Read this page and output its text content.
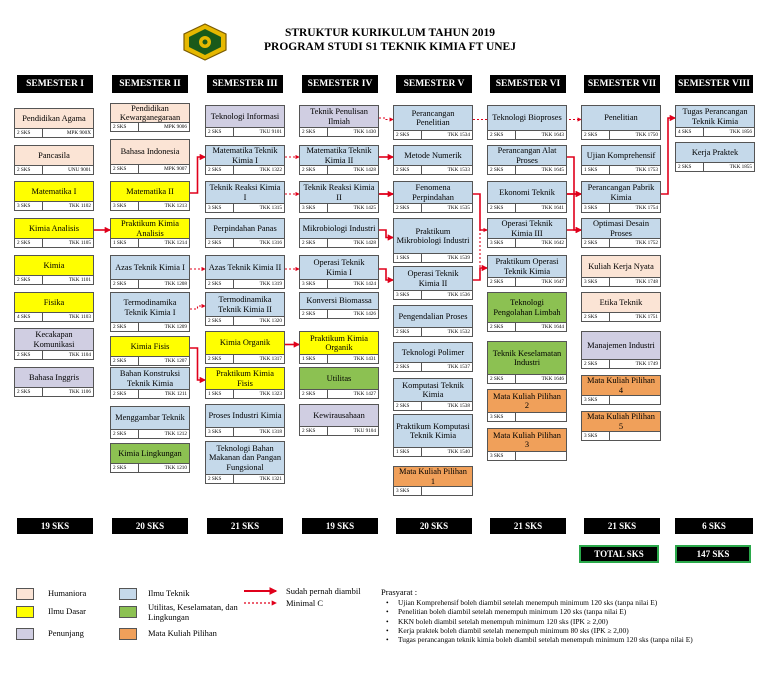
STRUKTUR KURIKULUM TAHUN 2019
PROGRAM STUDI S1 TEKNIK KIMIA FT UNEJ
SEMESTER I	SEMESTER II	SEMESTER III	SEMESTER IV	SEMESTER V	SEMESTER VI	SEMESTER VII	SEMESTER VIII
Pendidikan Agama
2 SKS	MPK 900X
Pancasila
2 SKS	UNU 9001
Matematika I
3 SKS	TKK 1102
Kimia Analisis
2 SKS	TKK 1105
Kimia
2 SKS	TKK 1101
Fisika
4 SKS	TKK 1103
Kecakapan Komunikasi
2 SKS	TKK 1104
Bahasa Inggris
2 SKS	TKK 1106
Pendidikan Kewarganegaraan
2 SKS	MPK 9006
Bahasa Indonesia
2 SKS	MPK 9007
Matematika II
3 SKS	TKK 1213
Praktikum Kimia Analisis
1 SKS	TKK 1214
Azas Teknik Kimia I
2 SKS	TKK 1208
Termodinamika Teknik Kimia I
2 SKS	TKK 1209
Kimia Fisis
2 SKS	TKK 1207
Bahan Konstruksi Teknik Kimia
2 SKS	TKK 1211
Menggambar Teknik
2 SKS	TKK 1212
Kimia Lingkungan
2 SKS	TKK 1210
Teknologi Informasi
2 SKS	TKU 9101
Matematika Teknik Kimia I
2 SKS	TKK 1322
Teknik Reaksi Kimia I
3 SKS	TKK 1315
Perpindahan Panas
2 SKS	TKK 1316
Azas Teknik Kimia II
2 SKS	TKK 1319
Termodinamika Teknik Kimia II
2 SKS	TKK 1320
Kimia Organik
2 SKS	TKK 1317
Praktikum Kimia Fisis
1 SKS	TKK 1323
Proses Industri Kimia
3 SKS	TKK 1318
Teknologi Bahan Makanan dan Pangan Fungsional
2 SKS	TKK 1321
Teknik Penulisan Ilmiah
2 SKS	TKK 1430
Matematika Teknik Kimia II
2 SKS	TKK 1428
Teknik Reaksi Kimia II
3 SKS	TKK 1425
Mikrobiologi Industri
2 SKS	TKK 1428
Operasi Teknik Kimia I
3 SKS	TKK 1424
Konversi Biomassa
2 SKS	TKK 1426
Praktikum Kimia Organik
1 SKS	TKK 1431
Utilitas
2 SKS	TKK 1427
Kewirausahaan
2 SKS	TKU 9104
Perancangan Penelitian
2 SKS	TKK 1534
Metode Numerik
2 SKS	TKK 1533
Fenomena Perpindahan
2 SKS	TKK 1535
Praktikum Mikrobiologi Industri
1 SKS	TKK 1539
Operasi Teknik Kimia II
3 SKS	TKK 1536
Pengendalian Proses
2 SKS	TKK 1532
Teknologi Polimer
2 SKS	TKK 1537
Komputasi Teknik Kimia
2 SKS	TKK 1538
Praktikum Komputasi Teknik Kimia
1 SKS	TKK 1540
Mata Kuliah Pilihan 1
3 SKS
Teknologi Bioproses
2 SKS	TKK 1643
Perancangan Alat Proses
2 SKS	TKK 1645
Ekonomi Teknik
2 SKS	TKK 1641
Operasi Teknik Kimia III
3 SKS	TKK 1642
Praktikum Operasi Teknik Kimia
2 SKS	TKK 1647
Teknologi Pengolahan Limbah
2 SKS	TKK 1644
Teknik Keselamatan Industri
2 SKS	TKK 1646
Mata Kuliah Pilihan 2
3 SKS
Mata Kuliah Pilihan 3
3 SKS
Penelitian
2 SKS	TKK 1750
Ujian Komprehensif
1 SKS	TKK 1753
Perancangan Pabrik Kimia
3 SKS	TKK 1754
Optimasi Desain Proses
2 SKS	TKK 1752
Kuliah Kerja Nyata
3 SKS	TKK 1748
Etika Teknik
2 SKS	TKK 1751
Manajemen Industri
2 SKS	TKK 1749
Mata Kuliah Pilihan 4
3 SKS
Mata Kuliah Pilihan 5
3 SKS
Tugas Perancangan Teknik Kimia
4 SKS	TKK 1856
Kerja Praktek
2 SKS	TKK 1855
19 SKS	20 SKS	21 SKS	19 SKS	20 SKS	21 SKS	21 SKS	6 SKS
TOTAL SKS	147 SKS
Humaniora
Ilmu Dasar
Penunjang
Ilmu Teknik
Utilitas, Keselamatan, dan Lingkungan
Mata Kuliah Pilihan
Sudah pernah diambil
Minimal C
Prasyarat :
• Ujian Komprehensif boleh diambil setelah menempuh minimum 120 sks (tanpa nilai E)
• Penelitian boleh diambil setelah menempuh minimum 120 sks (tanpa nilai E)
• KKN boleh diambil setelah menempuh minimum 120 sks (IPK ≥ 2,00)
• Kerja praktek boleh diambil setelah menempuh minimum 80 sks (IPK ≥ 2,00)
• Tugas perancangan teknik kimia boleh diambil setelah menempuh minimum 120 sks (tanpa nilai E)
